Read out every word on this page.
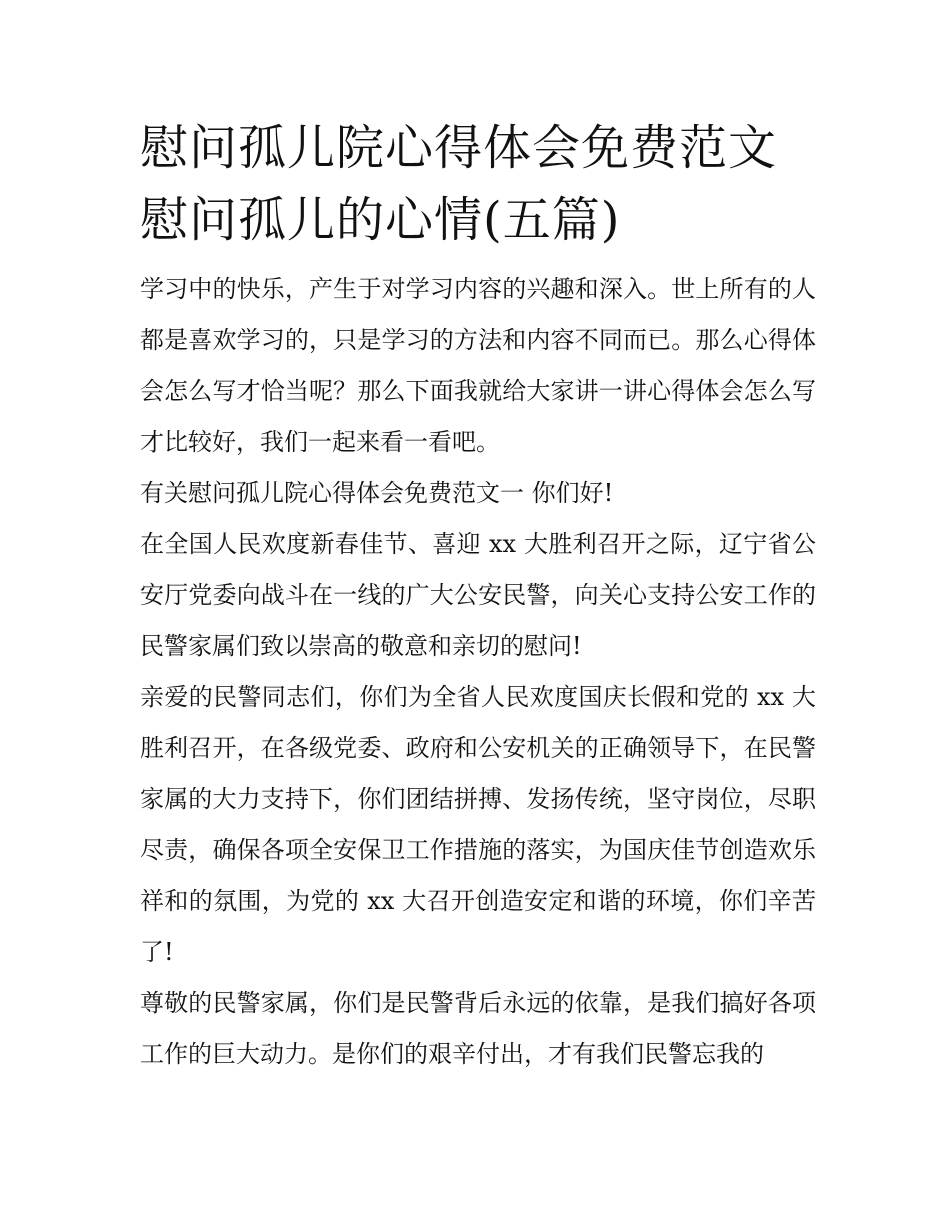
慰问孤儿院心得体会免费范文慰问孤儿的心情(五篇)

学习中的快乐，产生于对学习内容的兴趣和深入。世上所有的人都是喜欢学习的，只是学习的方法和内容不同而已。那么心得体会怎么写才恰当呢？那么下面我就给大家讲一讲心得体会怎么写才比较好，我们一起来看一看吧。

有关慰问孤儿院心得体会免费范文一 你们好!

在全国人民欢度新春佳节、喜迎 xx 大胜利召开之际，辽宁省公安厅党委向战斗在一线的广大公安民警，向关心支持公安工作的民警家属们致以崇高的敬意和亲切的慰问!

亲爱的民警同志们，你们为全省人民欢度国庆长假和党的 xx 大胜利召开，在各级党委、政府和公安机关的正确领导下，在民警家属的大力支持下，你们团结拼搏、发扬传统，坚守岗位，尽职尽责，确保各项全安保卫工作措施的落实，为国庆佳节创造欢乐祥和的氛围，为党的 xx 大召开创造安定和谐的环境，你们辛苦了!

尊敬的民警家属，你们是民警背后永远的依靠，是我们搞好各项工作的巨大动力。是你们的艰辛付出，才有我们民警忘我的
